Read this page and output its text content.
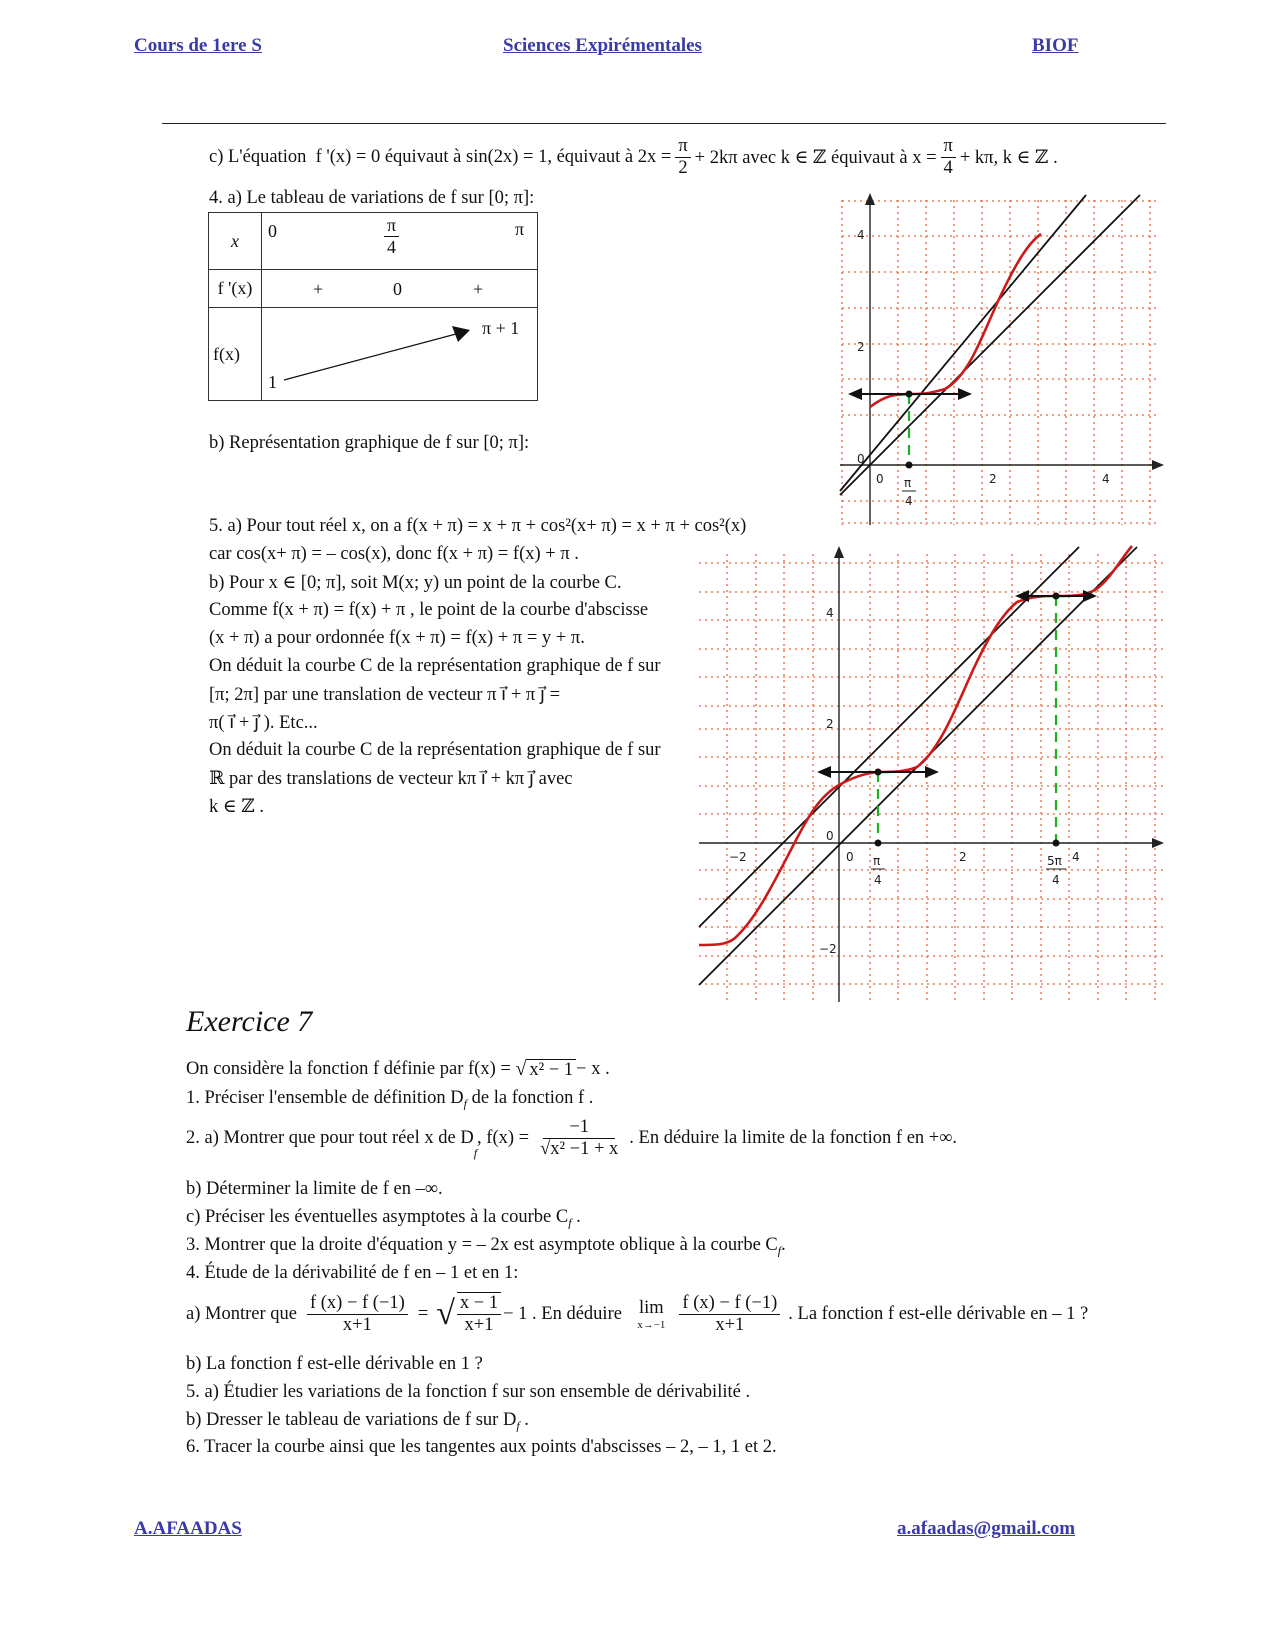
Cours de 1ere S	Sciences Expirémentales	BIOF
c) L'équation
f '(x) = 0 équivaut à sin(2x) = 1, équivaut à $2x = \frac{\pi}{2} + 2k\pi$ avec k ∈ ℤ équivaut à $x = \frac{\pi}{4} + k\pi$, k ∈ ℤ .
4. a) Le tableau de variations de f sur [0; π]:
x	$0 \frac{\pi}{4}$ π

f '(x)	+ 0 +

f(x)	1
π + 1
b) Représentation graphique de f sur [0; π]:
4
2
0
0	2	4
π
4
5. a) Pour tout réel x, on a f(x + π) = x + π + cos²(x+ π) = x + π + cos²(x)
car cos(x+ π) = – cos(x), donc f(x + π) = f(x) + π .
b) Pour x ∈ [0; π], soit M(x; y) un point de la courbe C.
Comme f(x + π) = f(x) + π , le point de la courbe d'abscisse
(x + π) a pour ordonnée f(x + π) = f(x) + π = y + π.
On déduit la courbe C de la représentation graphique de f sur
[π; 2π] par une translation de vecteur π i⃗ + π j⃗ =
π( i⃗ + j⃗ ). Etc...
On déduit la courbe C de la représentation graphique de f sur
ℝ par des translations de vecteur kπ i⃗ + kπ j⃗ avec
k ∈ ℤ .
4
2
0
−2
−2	0	2	4
π
4
5π
4
Exercice 7
On considère la fonction f définie par f(x) =
√ x² − 1 − x .
1. Préciser l'ensemble de définition $D_f$ de la fonction f .
2. a) Montrer que pour tout réel x de D
$_f$
, $f(x) = \frac{-1}{\text{√x² −1 + x}}$ . En déduire la limite de la fonction f en +∞.
b) Déterminer la limite de f en –∞.
c) Préciser les éventuelles asymptotes à la courbe $C_f$ .
3. Montrer que la droite d'équation y = – 2x est asymptote oblique à la courbe $C_f$.
4. Étude de la dérivabilité de f en – 1 et en 1:
a) Montrer que $\frac{f (x) - f (-1)}{x+1}$ = √ $\frac{x - 1}{x+1} - 1$ . En déduire
lim
$x\to-1 \frac{f (x) - f (-1)}{x+1}$ . La fonction f est-elle dérivable en – 1 ?
b) La fonction f est-elle dérivable en 1 ?
5. a) Étudier les variations de la fonction f sur son ensemble de dérivabilité .
b) Dresser le tableau de variations de f sur $D_f$ .
6. Tracer la courbe ainsi que les tangentes aux points d'abscisses – 2, – 1, 1 et 2.
A.AFAADAS	a.afaadas@gmail.com
